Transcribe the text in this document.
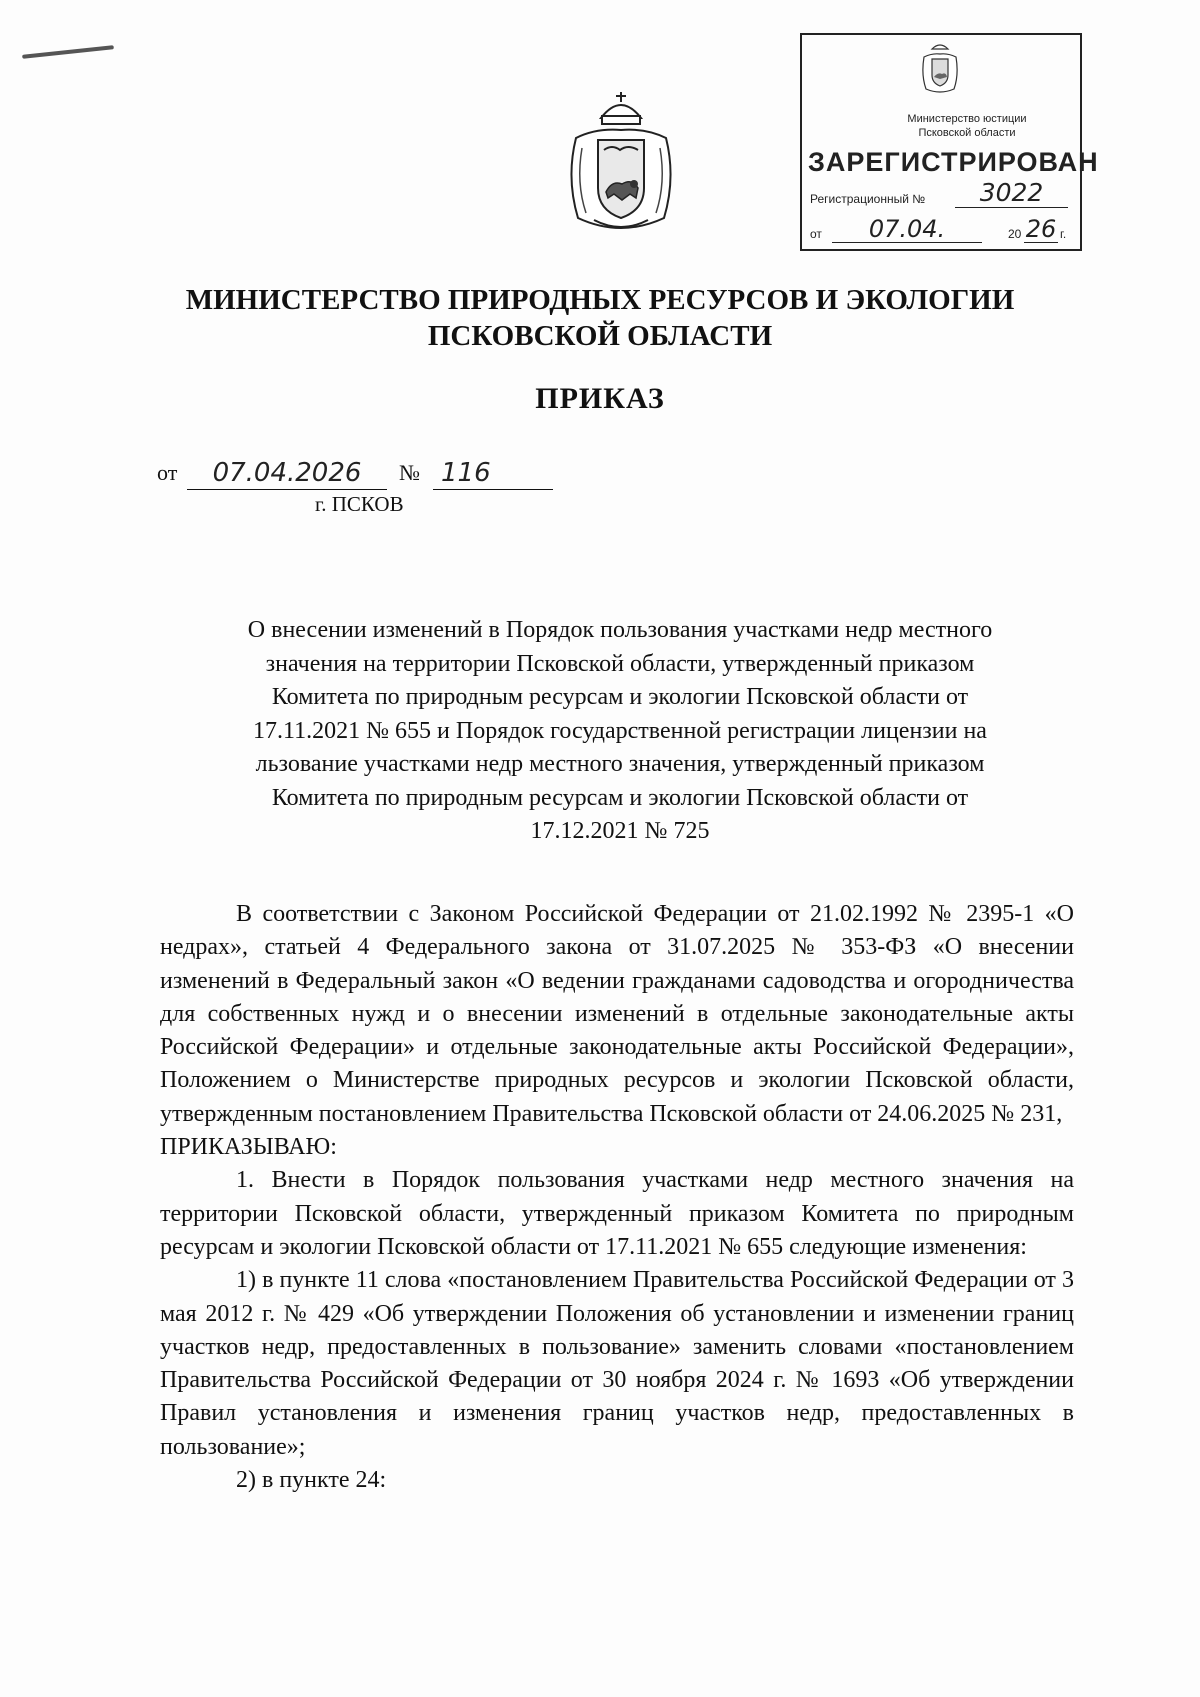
Министерство юстиции
Псковской области
ЗАРЕГИСТРИРОВАН
Регистрационный №	3022
от	07.04.	20 26 г.
МИНИСТЕРСТВО ПРИРОДНЫХ РЕСУРСОВ И ЭКОЛОГИИ
ПСКОВСКОЙ ОБЛАСТИ
ПРИКАЗ
от	07.04.2026	№ 116
г. ПСКОВ
О внесении изменений в Порядок пользования участками недр местного
значения на территории Псковской области, утвержденный приказом
Комитета по природным ресурсам и экологии Псковской области от
17.11.2021 № 655 и Порядок государственной регистрации лицензии на
льзование участками недр местного значения, утвержденный приказом
Комитета по природным ресурсам и экологии Псковской области от
17.12.2021 № 725

В соответствии с Законом Российской Федерации от 21.02.1992 № 2395-1 «О недрах», статьей 4 Федерального закона от 31.07.2025 № 353-ФЗ «О внесении изменений в Федеральный закон «О ведении гражданами садоводства и огородничества для собственных нужд и о внесении изменений в отдельные законодательные акты Российской Федерации» и отдельные законодательные акты Российской Федерации», Положением о Министерстве природных ресурсов и экологии Псковской области, утвержденным постановлением Правительства Псковской области от 24.06.2025 № 231,

ПРИКАЗЫВАЮ:

1. Внести в Порядок пользования участками недр местного значения на территории Псковской области, утвержденный приказом Комитета по природным ресурсам и экологии Псковской области от 17.11.2021 № 655 следующие изменения:

1) в пункте 11 слова «постановлением Правительства Российской Федерации от 3 мая 2012 г. № 429 «Об утверждении Положения об установлении и изменении границ участков недр, предоставленных в пользование» заменить словами «постановлением Правительства Российской Федерации от 30 ноября 2024 г. № 1693 «Об утверждении Правил установления и изменения границ участков недр, предоставленных в пользование»;

2) в пункте 24:
